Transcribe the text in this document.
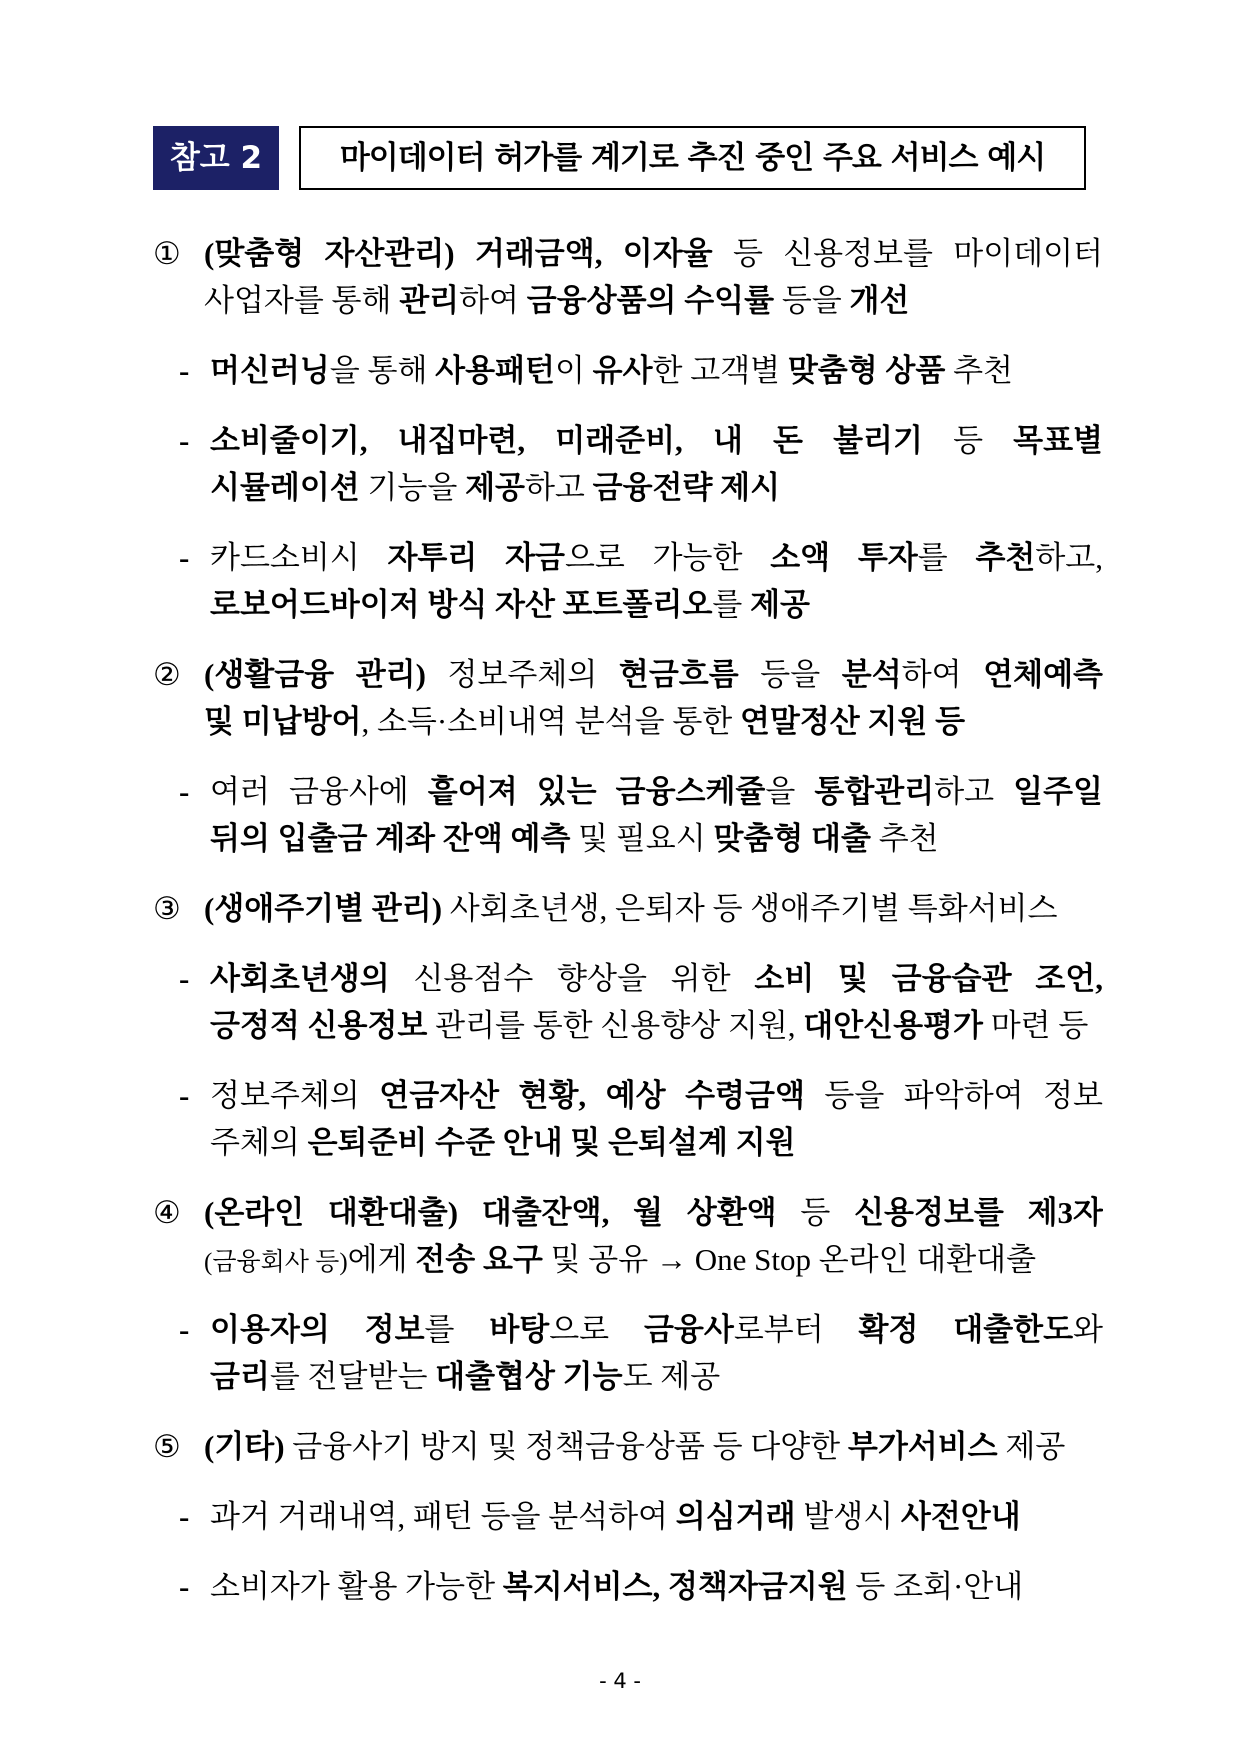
참고 2	마이데이터 허가를 계기로 추진 중인 주요 서비스 예시
① (맞춤형 자산관리) 거래금액, 이자율 등 신용정보를 마이데이터
사업자를 통해 관리하여 금융상품의 수익률 등을 개선
- 머신러닝을 통해 사용패턴이 유사한 고객별 맞춤형 상품 추천
- 소비줄이기, 내집마련, 미래준비, 내 돈 불리기 등 목표별
시뮬레이션 기능을 제공하고 금융전략 제시
- 카드소비시 자투리 자금으로 가능한 소액 투자를 추천하고,
로보어드바이저 방식 자산 포트폴리오를 제공
② (생활금융 관리) 정보주체의 현금흐름 등을 분석하여 연체예측
및 미납방어, 소득·소비내역 분석을 통한 연말정산 지원 등
- 여러 금융사에 흩어져 있는 금융스케쥴을 통합관리하고 일주일
뒤의 입출금 계좌 잔액 예측 및 필요시 맞춤형 대출 추천
③ (생애주기별 관리) 사회초년생, 은퇴자 등 생애주기별 특화서비스
- 사회초년생의 신용점수 향상을 위한 소비 및 금융습관 조언,
긍정적 신용정보 관리를 통한 신용향상 지원, 대안신용평가 마련 등
- 정보주체의 연금자산 현황, 예상 수령금액 등을 파악하여 정보
주체의 은퇴준비 수준 안내 및 은퇴설계 지원
④ (온라인 대환대출) 대출잔액, 월 상환액 등 신용정보를 제3자
(금융회사 등)에게 전송 요구 및 공유 → One Stop 온라인 대환대출
- 이용자의 정보를 바탕으로 금융사로부터 확정 대출한도와
금리를 전달받는 대출협상 기능도 제공
⑤ (기타) 금융사기 방지 및 정책금융상품 등 다양한 부가서비스 제공
- 과거 거래내역, 패턴 등을 분석하여 의심거래 발생시 사전안내
- 소비자가 활용 가능한 복지서비스, 정책자금지원 등 조회·안내
- 4 -
